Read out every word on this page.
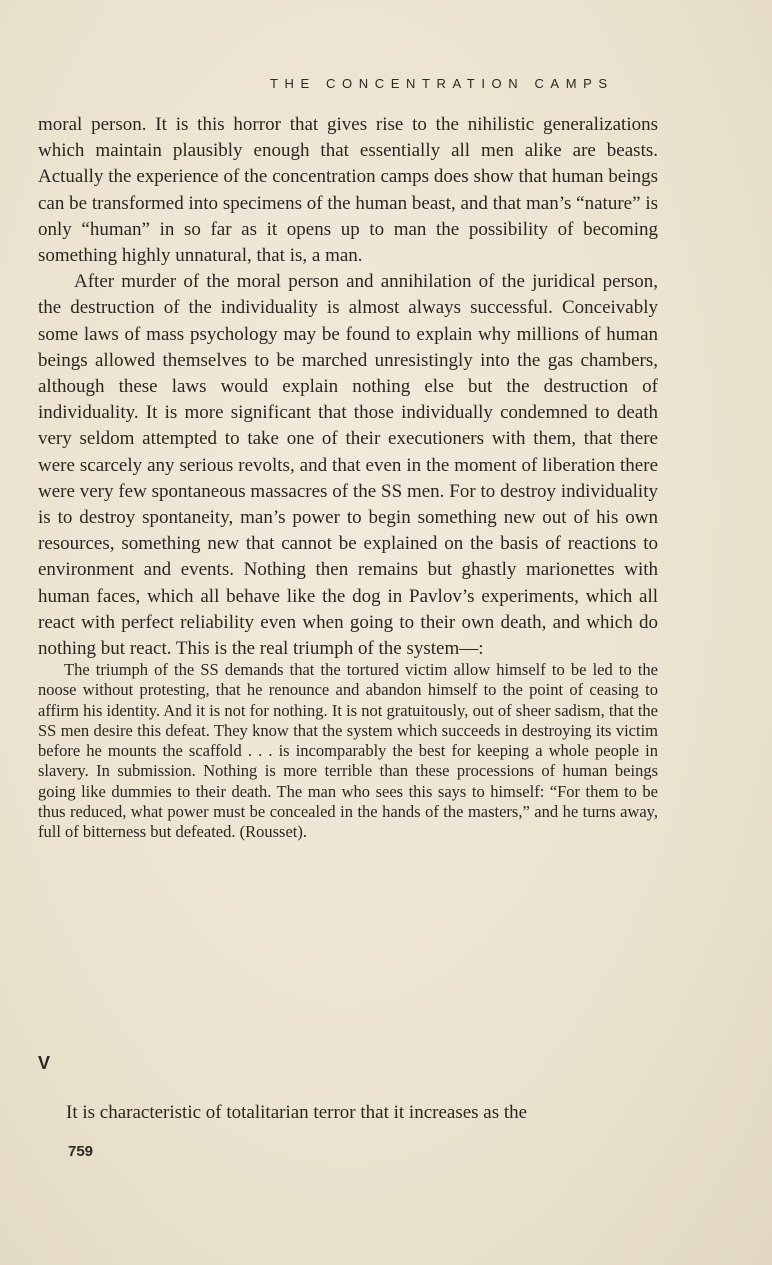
THE CONCENTRATION CAMPS

moral person. It is this horror that gives rise to the nihilistic generalizations which maintain plausibly enough that essentially all men alike are beasts. Actually the experience of the concentration camps does show that human beings can be transformed into specimens of the human beast, and that man’s “nature” is only “human” in so far as it opens up to man the possibility of becoming something highly unnatural, that is, a man.

After murder of the moral person and annihilation of the juridical person, the destruction of the individuality is almost always successful. Conceivably some laws of mass psychology may be found to explain why millions of human beings allowed themselves to be marched unresistingly into the gas chambers, although these laws would explain nothing else but the destruction of individuality. It is more significant that those individually condemned to death very seldom attempted to take one of their executioners with them, that there were scarcely any serious revolts, and that even in the moment of liberation there were very few spontaneous massacres of the SS men. For to destroy individuality is to destroy spontaneity, man’s power to begin something new out of his own resources, something new that cannot be explained on the basis of reactions to environment and events. Nothing then remains but ghastly marionettes with human faces, which all behave like the dog in Pavlov’s experiments, which all react with perfect reliability even when going to their own death, and which do nothing but react. This is the real triumph of the system—:

The triumph of the SS demands that the tortured victim allow himself to be led to the noose without protesting, that he renounce and abandon himself to the point of ceasing to affirm his identity. And it is not for nothing. It is not gratuitously, out of sheer sadism, that the SS men desire this defeat. They know that the system which succeeds in destroying its victim before he mounts the scaffold . . . is incomparably the best for keeping a whole people in slavery. In submission. Nothing is more terrible than these processions of human beings going like dummies to their death. The man who sees this says to himself: “For them to be thus reduced, what power must be concealed in the hands of the masters,” and he turns away, full of bitterness but defeated. (Rousset).

V
It is characteristic of totalitarian terror that it increases as the
759
